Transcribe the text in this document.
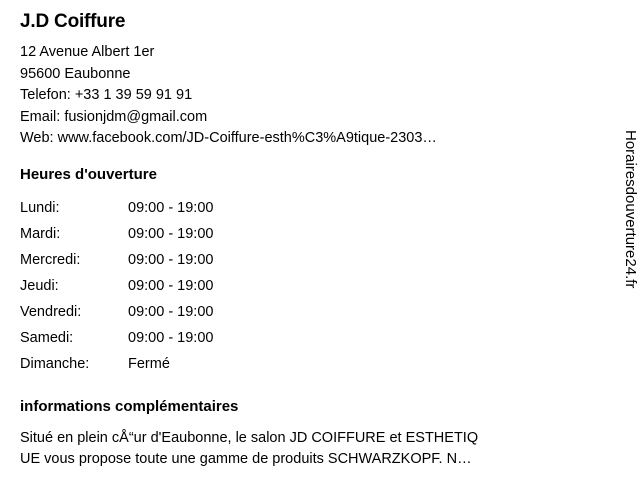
J.D Coiffure
12 Avenue Albert 1er
95600 Eaubonne
Telefon: +33 1 39 59 91 91
Email: fusionjdm@gmail.com
Web: www.facebook.com/JD-Coiffure-esth%C3%A9tique-2303…
Heures d'ouverture
Lundi:	09:00 - 19:00
Mardi:	09:00 - 19:00
Mercredi:	09:00 - 19:00
Jeudi:	09:00 - 19:00
Vendredi:	09:00 - 19:00
Samedi:	09:00 - 19:00
Dimanche:	Fermé
informations complémentaires
Situé en plein cÅ“ur d'Eaubonne, le salon JD COIFFURE et ESTHETIQ
UE vous propose toute une gamme de produits SCHWARZKOPF. N…
Horairesdouverture24.fr
